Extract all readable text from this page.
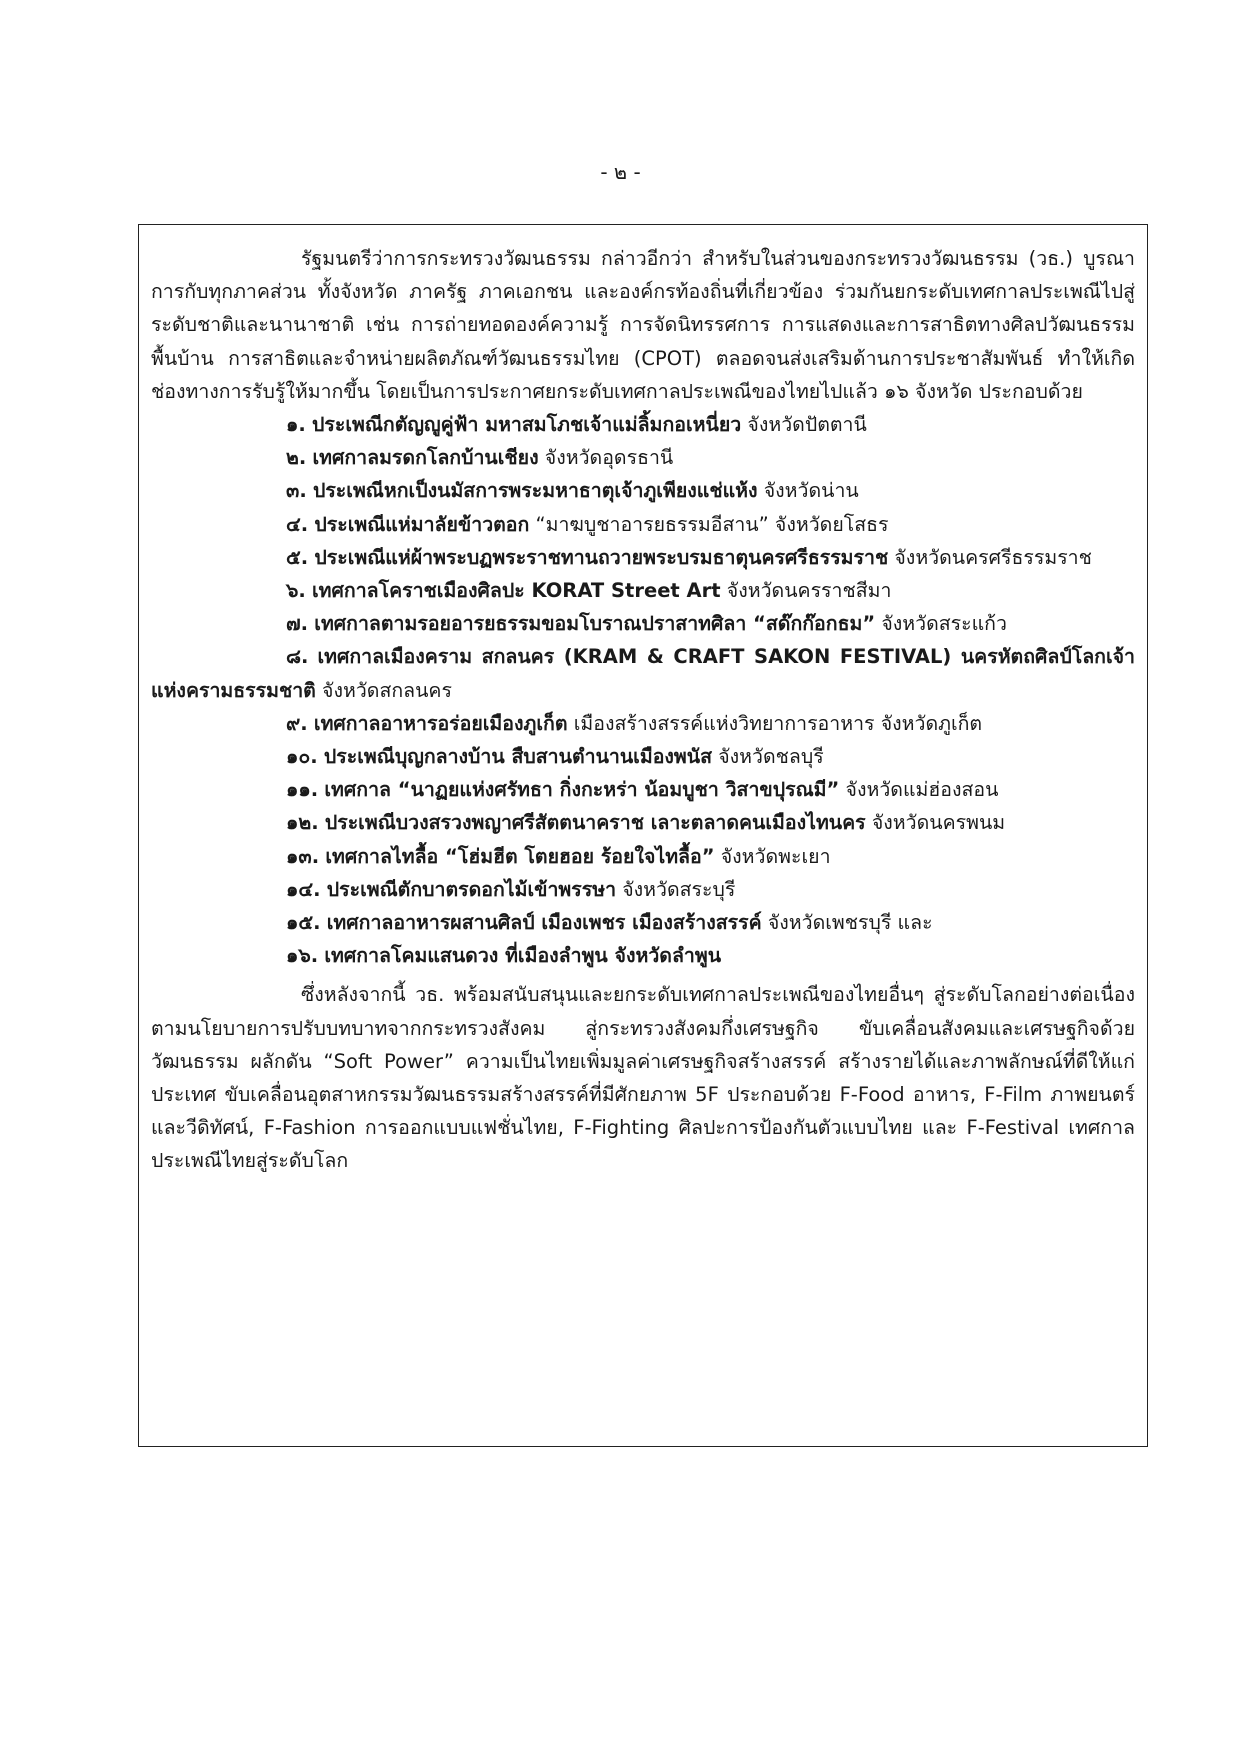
- ๒ -

รัฐมนตรีว่าการกระทรวงวัฒนธรรม กล่าวอีกว่า สำหรับในส่วนของกระทรวงวัฒนธรรม (วธ.) บูรณาการกับทุกภาคส่วน ทั้งจังหวัด ภาครัฐ ภาคเอกชน และองค์กรท้องถิ่นที่เกี่ยวข้อง ร่วมกันยกระดับเทศกาลประเพณีไปสู่ระดับชาติและนานาชาติ เช่น การถ่ายทอดองค์ความรู้ การจัดนิทรรศการ การแสดงและการสาธิตทางศิลปวัฒนธรรมพื้นบ้าน การสาธิตและจำหน่ายผลิตภัณฑ์วัฒนธรรมไทย (CPOT) ตลอดจนส่งเสริมด้านการประชาสัมพันธ์ ทำให้เกิดช่องทางการรับรู้ให้มากขึ้น โดยเป็นการประกาศยกระดับเทศกาลประเพณีของไทยไปแล้ว ๑๖ จังหวัด ประกอบด้วย

๑. ประเพณีกตัญญูคู่ฟ้า มหาสมโภชเจ้าแม่ลิ้มกอเหนี่ยว จังหวัดปัตตานี

๒. เทศกาลมรดกโลกบ้านเชียง จังหวัดอุดรธานี

๓. ประเพณีหกเป็งนมัสการพระมหาธาตุเจ้าภูเพียงแช่แห้ง จังหวัดน่าน

๔. ประเพณีแห่มาลัยข้าวตอก “มาฆบูชาอารยธรรมอีสาน” จังหวัดยโสธร

๕. ประเพณีแห่ผ้าพระบฏพระราชทานถวายพระบรมธาตุนครศรีธรรมราช จังหวัดนครศรีธรรมราช

๖. เทศกาลโคราชเมืองศิลปะ KORAT Street Art จังหวัดนครราชสีมา

๗. เทศกาลตามรอยอารยธรรมขอมโบราณปราสาทศิลา “สด๊กก๊อกธม” จังหวัดสระแก้ว

๘. เทศกาลเมืองคราม สกลนคร (KRAM & CRAFT SAKON FESTIVAL) นครหัตถศิลป์โลกเจ้าแห่งครามธรรมชาติ จังหวัดสกลนคร

๙. เทศกาลอาหารอร่อยเมืองภูเก็ต เมืองสร้างสรรค์แห่งวิทยาการอาหาร จังหวัดภูเก็ต

๑๐. ประเพณีบุญกลางบ้าน สืบสานตำนานเมืองพนัส จังหวัดชลบุรี

๑๑. เทศกาล “นาฏยแห่งศรัทธา กิ่งกะหร่า น้อมบูชา วิสาขปุรณมี” จังหวัดแม่ฮ่องสอน

๑๒. ประเพณีบวงสรวงพญาศรีสัตตนาคราช เลาะตลาดคนเมืองไทนคร จังหวัดนครพนม

๑๓. เทศกาลไทลื้อ “โฮ่มฮีต โตยฮอย ร้อยใจไทลื้อ” จังหวัดพะเยา

๑๔. ประเพณีตักบาตรดอกไม้เข้าพรรษา จังหวัดสระบุรี

๑๕. เทศกาลอาหารผสานศิลป์ เมืองเพชร เมืองสร้างสรรค์ จังหวัดเพชรบุรี และ

๑๖. เทศกาลโคมแสนดวง ที่เมืองลำพูน จังหวัดลำพูน

ซึ่งหลังจากนี้ วธ. พร้อมสนับสนุนและยกระดับเทศกาลประเพณีของไทยอื่นๆ สู่ระดับโลกอย่างต่อเนื่อง ตามนโยบายการปรับบทบาทจากกระทรวงสังคม สู่กระทรวงสังคมกึ่งเศรษฐกิจ ขับเคลื่อนสังคมและเศรษฐกิจด้วยวัฒนธรรม ผลักดัน “Soft Power” ความเป็นไทยเพิ่มมูลค่าเศรษฐกิจสร้างสรรค์ สร้างรายได้และภาพลักษณ์ที่ดีให้แก่ประเทศ ขับเคลื่อนอุตสาหกรรมวัฒนธรรมสร้างสรรค์ที่มีศักยภาพ 5F ประกอบด้วย F-Food อาหาร, F-Film ภาพยนตร์และวีดิทัศน์, F-Fashion การออกแบบแฟชั่นไทย, F-Fighting ศิลปะการป้องกันตัวแบบไทย และ F-Festival เทศกาลประเพณีไทยสู่ระดับโลก
